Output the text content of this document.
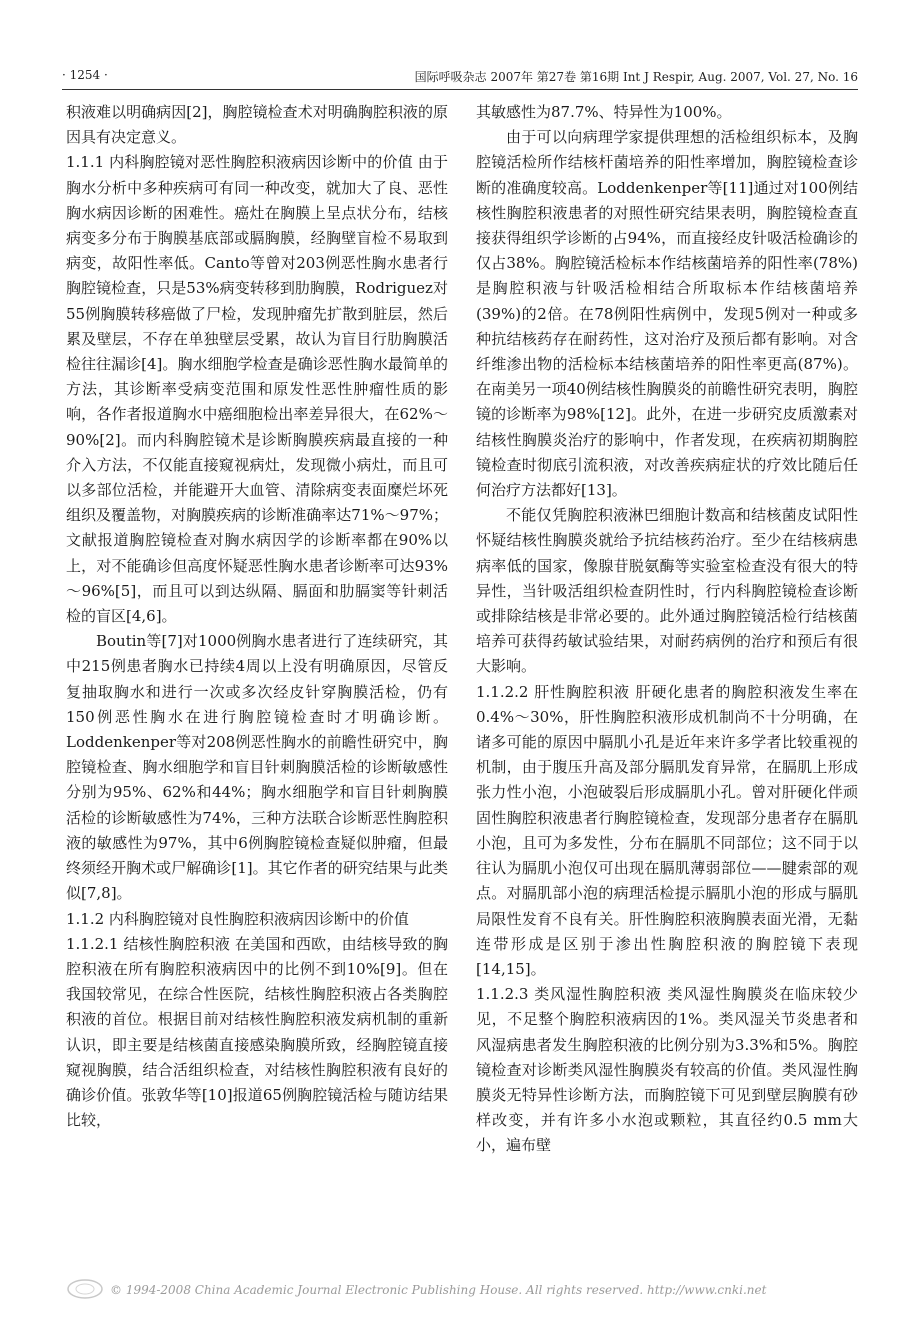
· 1254 ·	国际呼吸杂志 2007年 第27卷 第16期 Int J Respir, Aug. 2007, Vol. 27, No. 16

积液难以明确病因[2]，胸腔镜检查术对明确胸腔积液的原因具有决定意义。

1.1.1 内科胸腔镜对恶性胸腔积液病因诊断中的价值 由于胸水分析中多种疾病可有同一种改变，就加大了良、恶性胸水病因诊断的困难性。癌灶在胸膜上呈点状分布，结核病变多分布于胸膜基底部或膈胸膜，经胸壁盲检不易取到病变，故阳性率低。Canto等曾对203例恶性胸水患者行胸腔镜检查，只是53%病变转移到肋胸膜，Rodriguez对55例胸膜转移癌做了尸检，发现肿瘤先扩散到脏层，然后累及壁层，不存在单独壁层受累，故认为盲目行肋胸膜活检往往漏诊[4]。胸水细胞学检查是确诊恶性胸水最简单的方法，其诊断率受病变范围和原发性恶性肿瘤性质的影响，各作者报道胸水中癌细胞检出率差异很大，在62%～90%[2]。而内科胸腔镜术是诊断胸膜疾病最直接的一种介入方法，不仅能直接窥视病灶，发现微小病灶，而且可以多部位活检，并能避开大血管、清除病变表面糜烂坏死组织及覆盖物，对胸膜疾病的诊断准确率达71%～97%；文献报道胸腔镜检查对胸水病因学的诊断率都在90%以上，对不能确诊但高度怀疑恶性胸水患者诊断率可达93%～96%[5]，而且可以到达纵隔、膈面和肋膈窦等针刺活检的盲区[4,6]。

Boutin等[7]对1000例胸水患者进行了连续研究，其中215例患者胸水已持续4周以上没有明确原因，尽管反复抽取胸水和进行一次或多次经皮针穿胸膜活检，仍有150例恶性胸水在进行胸腔镜检查时才明确诊断。Loddenkenper等对208例恶性胸水的前瞻性研究中，胸腔镜检查、胸水细胞学和盲目针刺胸膜活检的诊断敏感性分别为95%、62%和44%；胸水细胞学和盲目针刺胸膜活检的诊断敏感性为74%，三种方法联合诊断恶性胸腔积液的敏感性为97%，其中6例胸腔镜检查疑似肿瘤，但最终须经开胸术或尸解确诊[1]。其它作者的研究结果与此类似[7,8]。

1.1.2 内科胸腔镜对良性胸腔积液病因诊断中的价值

1.1.2.1 结核性胸腔积液 在美国和西欧，由结核导致的胸腔积液在所有胸腔积液病因中的比例不到10%[9]。但在我国较常见，在综合性医院，结核性胸腔积液占各类胸腔积液的首位。根据目前对结核性胸腔积液发病机制的重新认识，即主要是结核菌直接感染胸膜所致，经胸腔镜直接窥视胸膜，结合活组织检查，对结核性胸腔积液有良好的确诊价值。张敦华等[10]报道65例胸腔镜活检与随访结果比较，

其敏感性为87.7%、特异性为100%。

由于可以向病理学家提供理想的活检组织标本，及胸腔镜活检所作结核杆菌培养的阳性率增加，胸腔镜检查诊断的准确度较高。Loddenkenper等[11]通过对100例结核性胸腔积液患者的对照性研究结果表明，胸腔镜检查直接获得组织学诊断的占94%，而直接经皮针吸活检确诊的仅占38%。胸腔镜活检标本作结核菌培养的阳性率(78%)是胸腔积液与针吸活检相结合所取标本作结核菌培养(39%)的2倍。在78例阳性病例中，发现5例对一种或多种抗结核药存在耐药性，这对治疗及预后都有影响。对含纤维渗出物的活检标本结核菌培养的阳性率更高(87%)。在南美另一项40例结核性胸膜炎的前瞻性研究表明，胸腔镜的诊断率为98%[12]。此外，在进一步研究皮质激素对结核性胸膜炎治疗的影响中，作者发现，在疾病初期胸腔镜检查时彻底引流积液，对改善疾病症状的疗效比随后任何治疗方法都好[13]。

不能仅凭胸腔积液淋巴细胞计数高和结核菌皮试阳性怀疑结核性胸膜炎就给予抗结核药治疗。至少在结核病患病率低的国家，像腺苷脱氨酶等实验室检查没有很大的特异性，当针吸活组织检查阴性时，行内科胸腔镜检查诊断或排除结核是非常必要的。此外通过胸腔镜活检行结核菌培养可获得药敏试验结果，对耐药病例的治疗和预后有很大影响。

1.1.2.2 肝性胸腔积液 肝硬化患者的胸腔积液发生率在0.4%～30%，肝性胸腔积液形成机制尚不十分明确，在诸多可能的原因中膈肌小孔是近年来许多学者比较重视的机制，由于腹压升高及部分膈肌发育异常，在膈肌上形成张力性小泡，小泡破裂后形成膈肌小孔。曾对肝硬化伴顽固性胸腔积液患者行胸腔镜检查，发现部分患者存在膈肌小泡，且可为多发性，分布在膈肌不同部位；这不同于以往认为膈肌小泡仅可出现在膈肌薄弱部位——腱索部的观点。对膈肌部小泡的病理活检提示膈肌小泡的形成与膈肌局限性发育不良有关。肝性胸腔积液胸膜表面光滑，无黏连带形成是区别于渗出性胸腔积液的胸腔镜下表现[14,15]。

1.1.2.3 类风湿性胸腔积液 类风湿性胸膜炎在临床较少见，不足整个胸腔积液病因的1%。类风湿关节炎患者和风湿病患者发生胸腔积液的比例分别为3.3%和5%。胸腔镜检查对诊断类风湿性胸膜炎有较高的价值。类风湿性胸膜炎无特异性诊断方法，而胸腔镜下可见到壁层胸膜有砂样改变，并有许多小水泡或颗粒，其直径约0.5 mm大小，遍布壁

© 1994-2008 China Academic Journal Electronic Publishing House. All rights reserved. http://www.cnki.net
